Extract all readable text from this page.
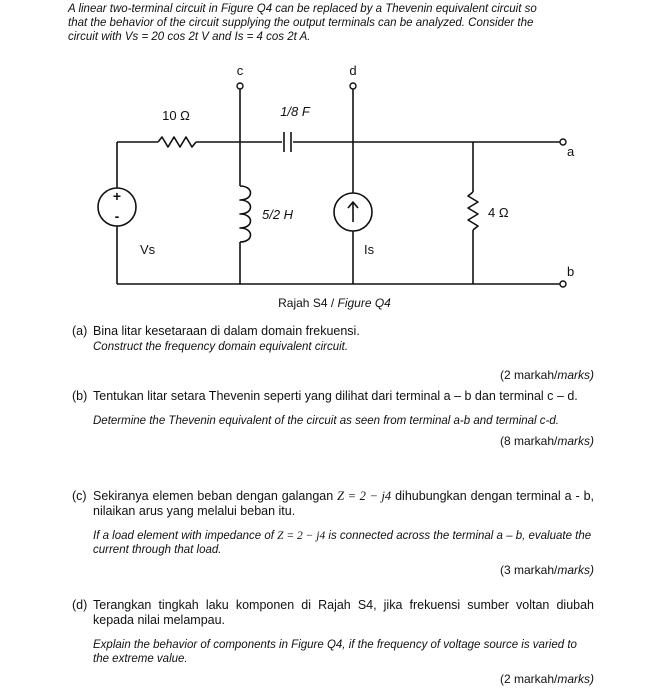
A linear two-terminal circuit in Figure Q4 can be replaced by a Thevenin equivalent circuit so
that the behavior of the circuit supplying the output terminals can be analyzed. Consider the
circuit with Vs = 20 cos 2t V and Is = 4 cos 2t A.
10 Ω	1/8 F
5/2 H	4 Ω
Vs	Is
+
-
a
b
c	d
Rajah S4 / Figure Q4
(a) Bina litar kesetaraan di dalam domain frekuensi.
Construct the frequency domain equivalent circuit.
(2 markah/marks)
(b) Tentukan litar setara Thevenin seperti yang dilihat dari terminal a – b dan terminal c – d.
Determine the Thevenin equivalent of the circuit as seen from terminal a-b and terminal c-d.
(8 markah/marks)
(c) Sekiranya elemen beban dengan galangan Z = 2 − j4 dihubungkan dengan terminal a - b, nilaikan arus yang melalui beban itu.
If a load element with impedance of Z = 2 − j4 is connected across the terminal a – b, evaluate the current through that load.
(3 markah/marks)
(d) Terangkan tingkah laku komponen di Rajah S4, jika frekuensi sumber voltan diubah kepada nilai melampau.
Explain the behavior of components in Figure Q4, if the frequency of voltage source is varied to the extreme value.
(2 markah/marks)
